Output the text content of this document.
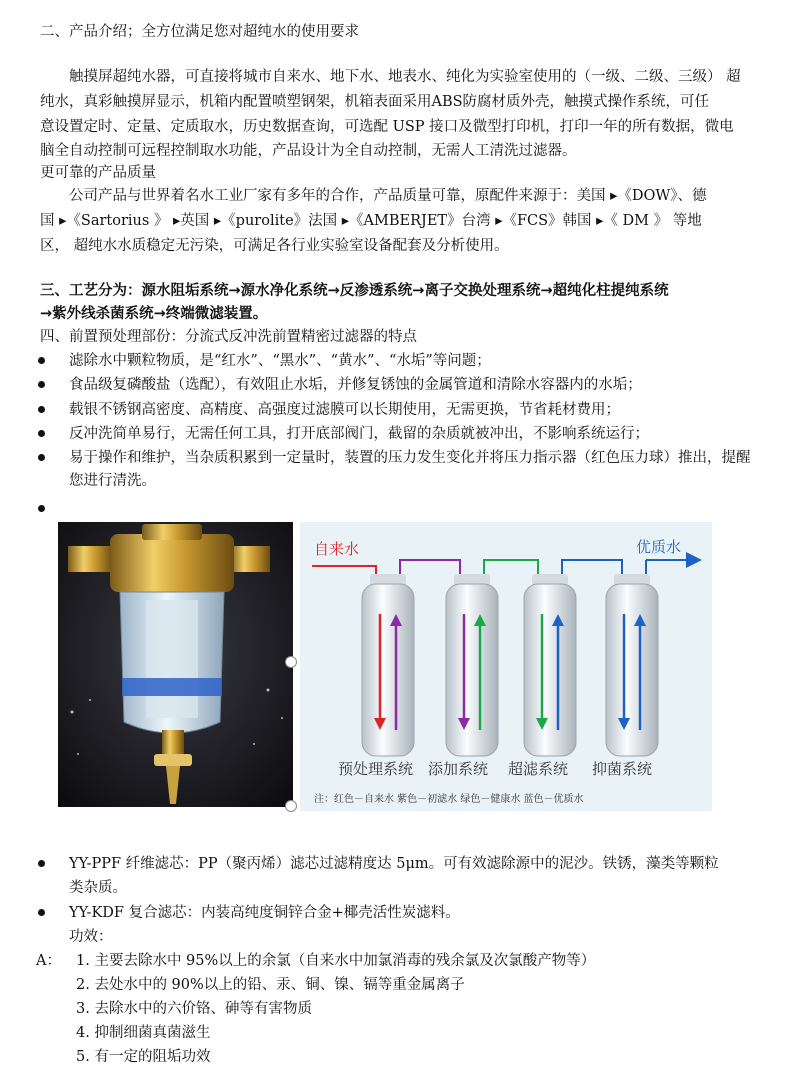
二、产品介绍；全方位满足您对超纯水的使用要求
触摸屏超纯水器，可直接将城市自来水、地下水、地表水、纯化为实验室使用的（一级、二级、三级） 超
纯水，真彩触摸屏显示，机箱内配置喷塑钢架，机箱表面采用ABS防腐材质外壳，触摸式操作系统，可任
意设置定时、定量、定质取水，历史数据查询，可选配 USP 接口及微型打印机，打印一年的所有数据，微电
脑全自动控制可远程控制取水功能，产品设计为全自动控制，无需人工清洗过滤器。
更可靠的产品质量
公司产品与世界着名水工业厂家有多年的合作，产品质量可靠，原配件来源于：美国 ▸《DOW》、德
国 ▸《Sartorius 》 ▸英国 ▸《purolite》法国 ▸《AMBERJET》台湾 ▸《FCS》韩国 ▸《 DM 》 等地
区， 超纯水水质稳定无污染，可满足各行业实验室设备配套及分析使用。
三、工艺分为：源水阻垢系统→源水净化系统→反渗透系统→离子交换处理系统→超纯化柱提纯系统
→紫外线杀菌系统→终端微滤装置。
四、前置预处理部份：分流式反冲洗前置精密过滤器的特点
滤除水中颗粒物质，是“红水”、“黑水”、“黄水”、“水垢”等问题；
食品级复磷酸盐（选配），有效阻止水垢，并修复锈蚀的金属管道和清除水容器内的水垢；
载银不锈钢高密度、高精度、高强度过滤膜可以长期使用，无需更换，节省耗材费用；
反冲洗简单易行，无需任何工具，打开底部阀门，截留的杂质就被冲出，不影响系统运行；
易于操作和维护，当杂质积累到一定量时，装置的压力发生变化并将压力指示器（红色压力球）推出，提醒
您进行清洗。
自来水	优质水
预处理系统 添加系统 超滤系统 抑菌系统
注：红色－自来水 紫色－初滤水 绿色－健康水 蓝色－优质水
YY-PPF 纤维滤芯：PP（聚丙烯）滤芯过滤精度达 5μm。可有效滤除源中的泥沙。铁锈，藻类等颗粒
类杂质。
YY-KDF 复合滤芯：内装高纯度铜锌合金+椰壳活性炭滤料。
功效：
A： 1. 主要去除水中 95%以上的余氯（自来水中加氯消毒的残余氯及次氯酸产物等）
2. 去处水中的 90%以上的铅、汞、铜、镍、镉等重金属离子
3. 去除水中的六价铬、砷等有害物质
4. 抑制细菌真菌滋生
5. 有一定的阻垢功效
